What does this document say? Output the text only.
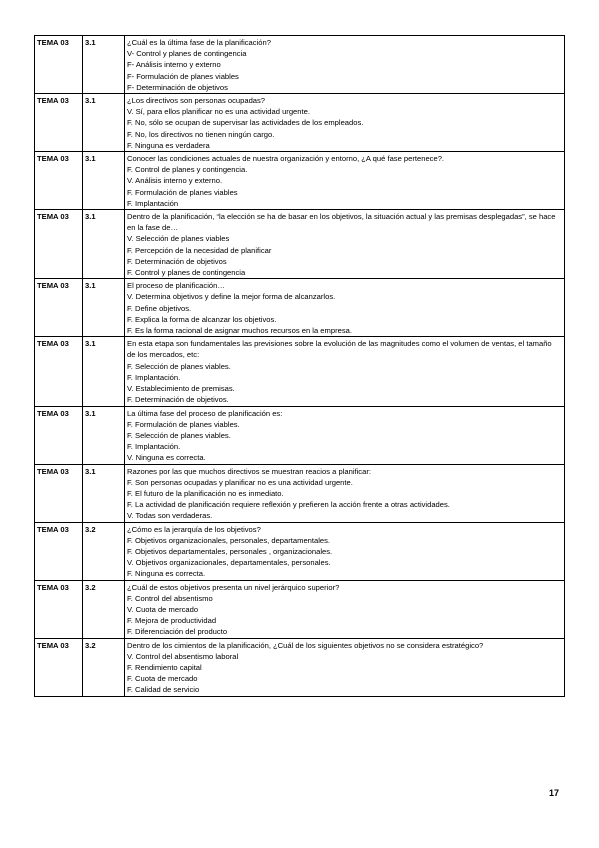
TEMA 03	3.1	¿Cuál es la última fase de la planificación?
V- Control y planes de contingencia
F- Análisis interno y externo
F- Formulación de planes viables
F- Determinación de objetivos

TEMA 03	3.1	¿Los directivos son personas ocupadas?
V. Sí, para ellos planificar no es una actividad urgente.
F. No, sólo se ocupan de supervisar las actividades de los empleados.
F. No, los directivos no tienen ningún cargo.
F. Ninguna es verdadera

TEMA 03	3.1	Conocer las condiciones actuales de nuestra organización y entorno, ¿A qué fase pertenece?.
F. Control de planes y contingencia.
V. Análisis interno y externo.
F. Formulación de planes viables
F. Implantación

TEMA 03	3.1	Dentro de la planificación, “la elección se ha de basar en los objetivos, la situación actual y las premisas desplegadas”, se hace en la fase de…
V. Selección de planes viables
F. Percepción de la necesidad de planificar
F. Determinación de objetivos
F. Control y planes de contingencia

TEMA 03	3.1	El proceso de planificación…
V. Determina objetivos y define la mejor forma de alcanzarlos.
F. Define objetivos.
F. Explica la forma de alcanzar los objetivos.
F. Es la forma racional de asignar muchos recursos en la empresa.

TEMA 03	3.1	En esta etapa son fundamentales las previsiones sobre la evolución de las magnitudes como el volumen de ventas, el tamaño de los mercados, etc:
F. Selección de planes viables.
F. Implantación.
V. Establecimiento de premisas.
F. Determinación de objetivos.

TEMA 03	3.1	La última fase del proceso de planificación es:
F. Formulación de planes viables.
F. Selección de planes viables.
F. Implantación.
V. Ninguna es correcta.

TEMA 03	3.1	Razones por las que muchos directivos se muestran reacios a planificar:
F. Son personas ocupadas y planificar no es una actividad urgente.
F. El futuro de la planificación no es inmediato.
F. La actividad de planificación requiere reflexión y prefieren la acción frente a otras actividades.
V. Todas son verdaderas.

TEMA 03	3.2	¿Cómo es la jerarquía de los objetivos?
F. Objetivos organizacionales, personales, departamentales.
F. Objetivos departamentales, personales , organizacionales.
V. Objetivos organizacionales, departamentales, personales.
F. Ninguna es correcta.

TEMA 03	3.2	¿Cuál de estos objetivos presenta un nivel jerárquico superior?
F. Control del absentismo
V. Cuota de mercado
F. Mejora de productividad
F. Diferenciación del producto

TEMA 03	3.2	Dentro de los cimientos de la planificación, ¿Cuál de los siguientes objetivos no se considera estratégico?
V. Control del absentismo laboral
F. Rendimiento capital
F. Cuota de mercado
F. Calidad de servicio
17
